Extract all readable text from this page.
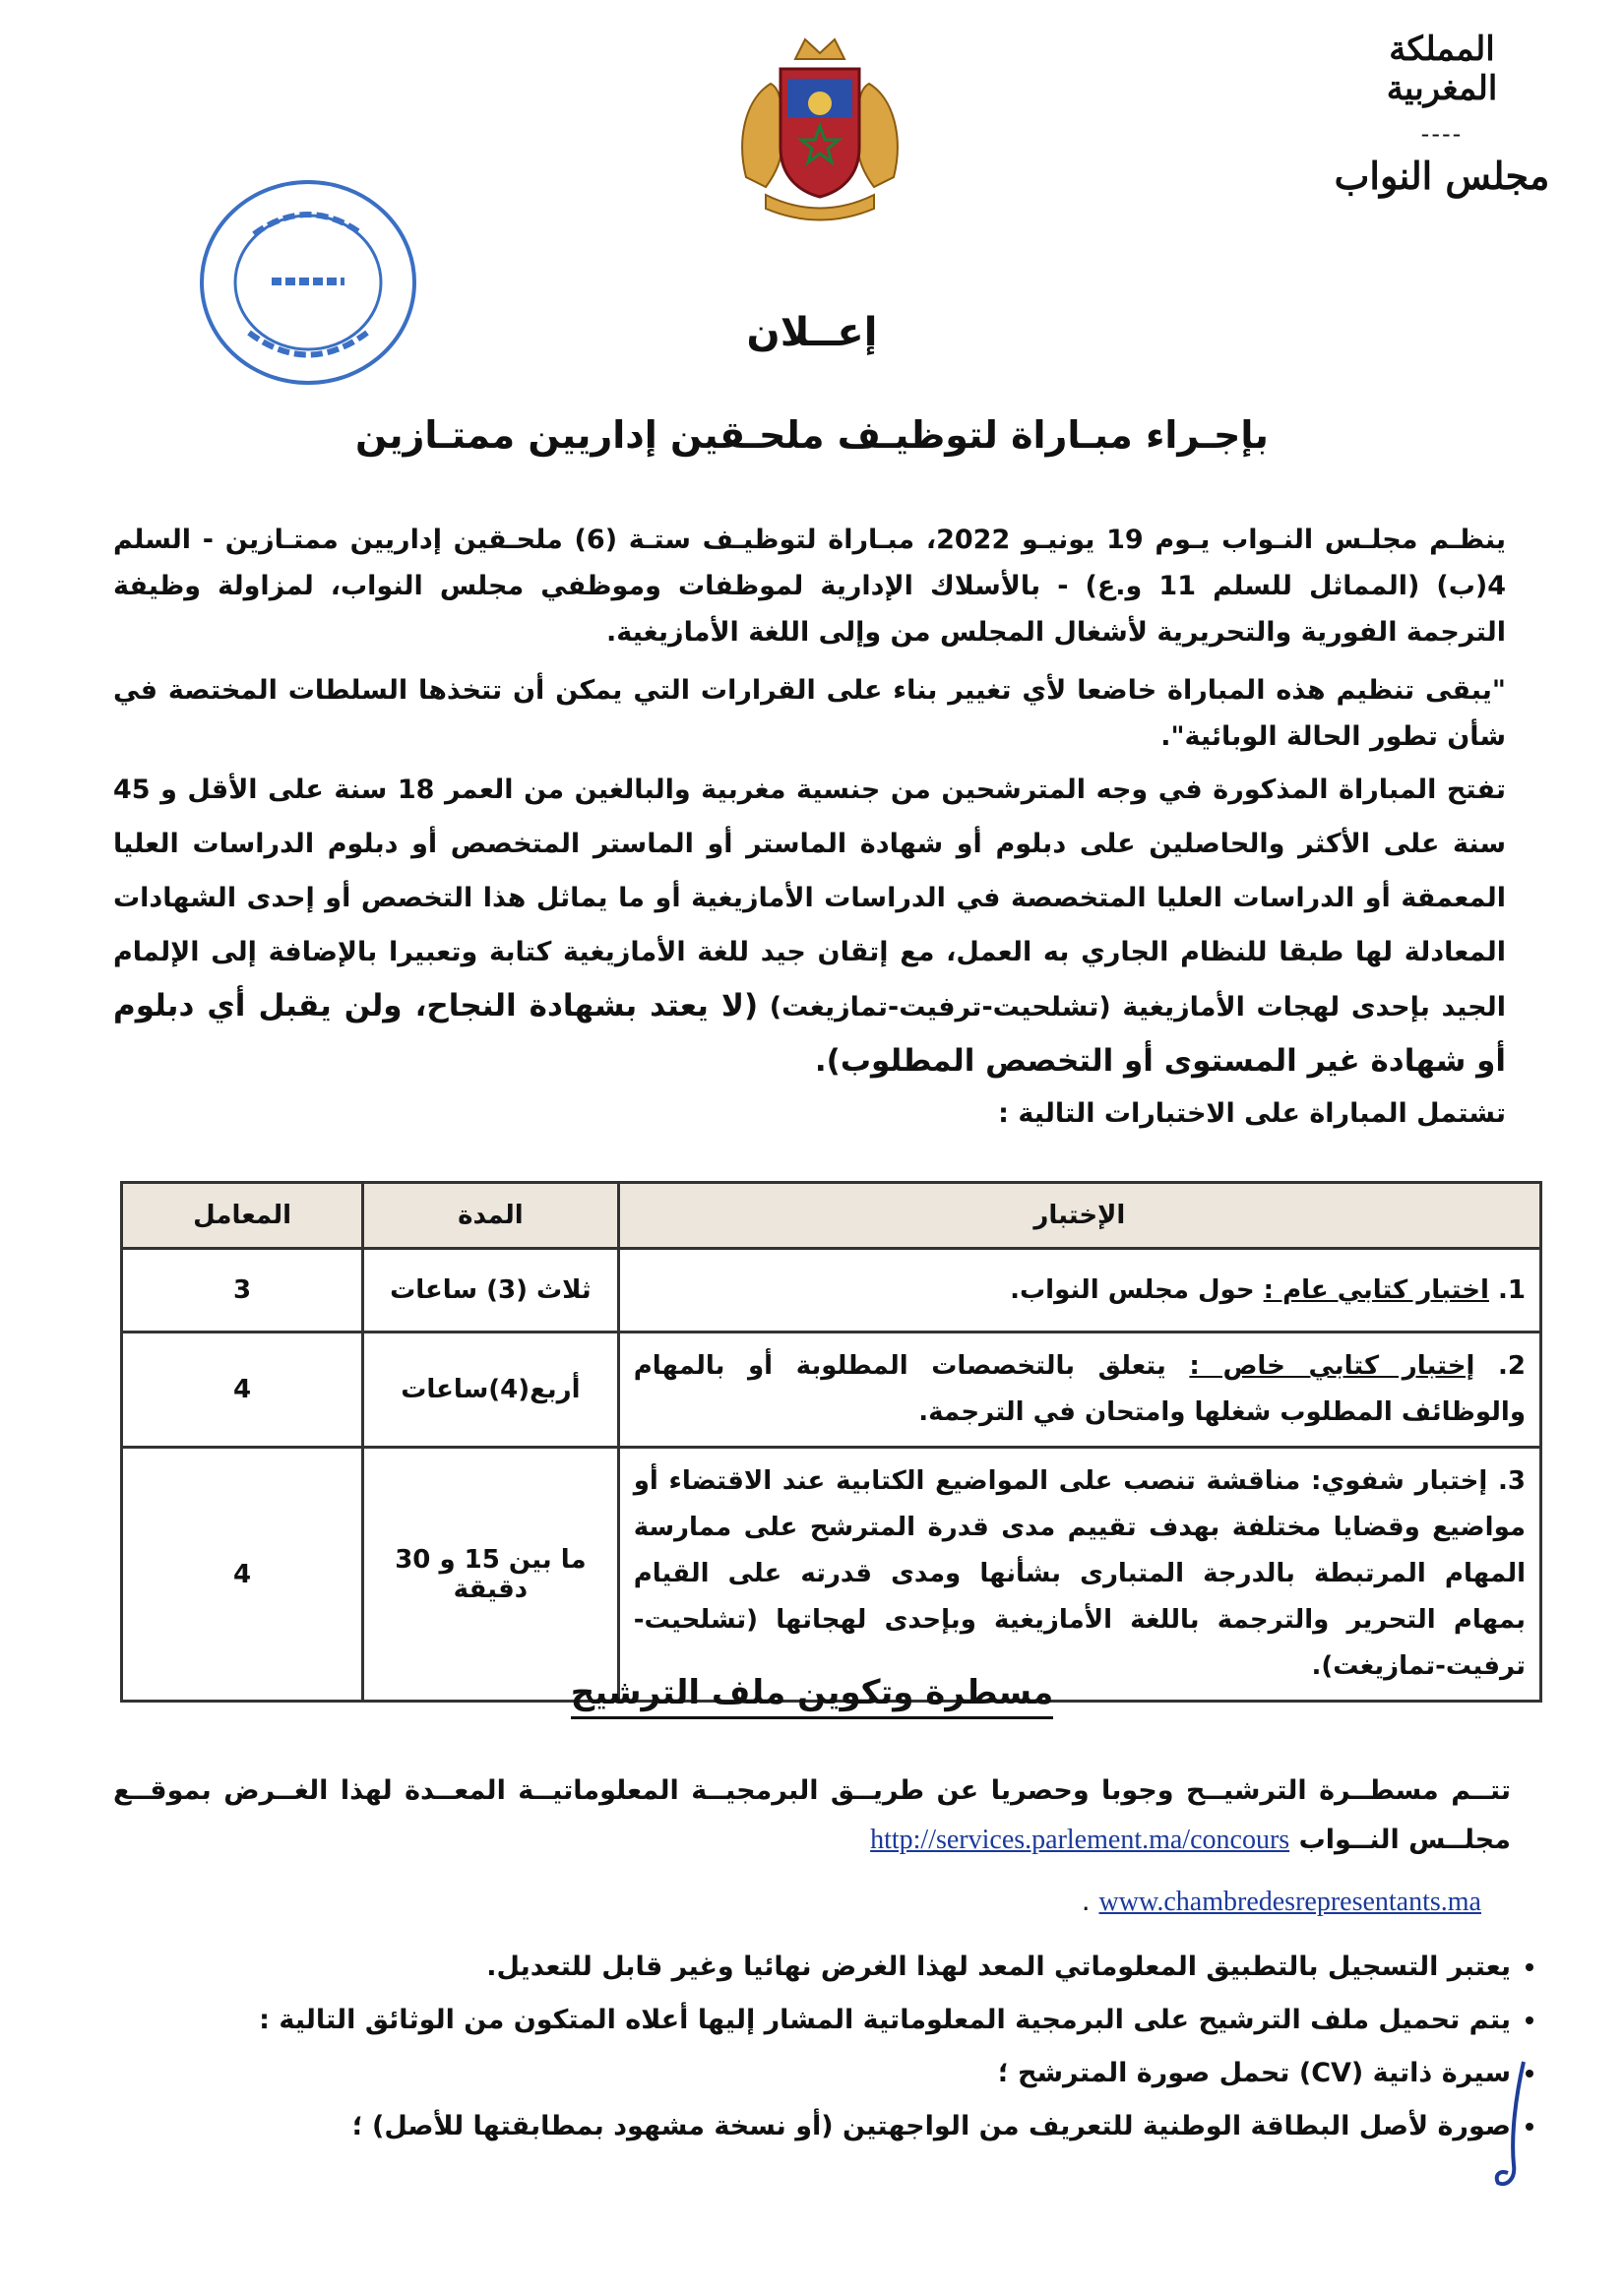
المملكة المغربية
----
مجلس النواب
إعــلان
بإجـراء مبـاراة لتوظيـف ملحـقين إداريين ممتـازين
ينظـم مجلـس النـواب يـوم 19 يونيـو 2022، مبـاراة لتوظيـف ستـة (6) ملحـقين إداريين ممتـازين - السلم 4(ب) (المماثل للسلم 11 و.ع) - بالأسلاك الإدارية لموظفات وموظفي مجلس النواب، لمزاولة وظيفة الترجمة الفورية والتحريرية لأشغال المجلس من وإلى اللغة الأمازيغية.
"يبقى تنظيم هذه المباراة خاضعا لأي تغيير بناء على القرارات التي يمكن أن تتخذها السلطات المختصة في شأن تطور الحالة الوبائية".
تفتح المباراة المذكورة في وجه المترشحين من جنسية مغربية والبالغين من العمر 18 سنة على الأقل و 45 سنة على الأكثر والحاصلين على دبلوم أو شهادة الماستر أو الماستر المتخصص أو دبلوم الدراسات العليا المعمقة أو الدراسات العليا المتخصصة في الدراسات الأمازيغية أو ما يماثل هذا التخصص أو إحدى الشهادات المعادلة لها طبقا للنظام الجاري به العمل، مع إتقان جيد للغة الأمازيغية كتابة وتعبيرا بالإضافة إلى الإلمام الجيد بإحدى لهجات الأمازيغية (تشلحيت-ترفيت-تمازيغت) (لا يعتد بشهادة النجاح، ولن يقبل أي دبلوم أو شهادة غير المستوى أو التخصص المطلوب).
تشتمل المباراة على الاختبارات التالية :
الإختبار	المدة	المعامل
1. اختبار كتابي عام : حول مجلس النواب.	ثلاث (3) ساعات	3
2. إختبار كتابي خاص : يتعلق بالتخصصات المطلوبة أو بالمهام والوظائف المطلوب شغلها وامتحان في الترجمة.	أربع(4)ساعات	4
3. إختبار شفوي: مناقشة تنصب على المواضيع الكتابية عند الاقتضاء أو مواضيع وقضايا مختلفة بهدف تقييم مدى قدرة المترشح على ممارسة المهام المرتبطة بالدرجة المتبارى بشأنها ومدى قدرته على القيام بمهام التحرير والترجمة باللغة الأمازيغية وبإحدى لهجاتها (تشلحيت-ترفيت-تمازيغت).	ما بين 15 و 30 دقيقة	4
مسطرة وتكوين ملف الترشيح
تتــم مسطــرة الترشيــح وجوبا وحصريا عن طريــق البرمجيــة المعلوماتيــة المعــدة لهذا الغــرض بموقــع مجلــس النــواب http://services.parlement.ma/concours
www.chambredesrepresentants.ma .
• يعتبر التسجيل بالتطبيق المعلوماتي المعد لهذا الغرض نهائيا وغير قابل للتعديل.
• يتم تحميل ملف الترشيح على البرمجية المعلوماتية المشار إليها أعلاه المتكون من الوثائق التالية :
• سيرة ذاتية (CV) تحمل صورة المترشح ؛
• صورة لأصل البطاقة الوطنية للتعريف من الواجهتين (أو نسخة مشهود بمطابقتها للأصل) ؛
